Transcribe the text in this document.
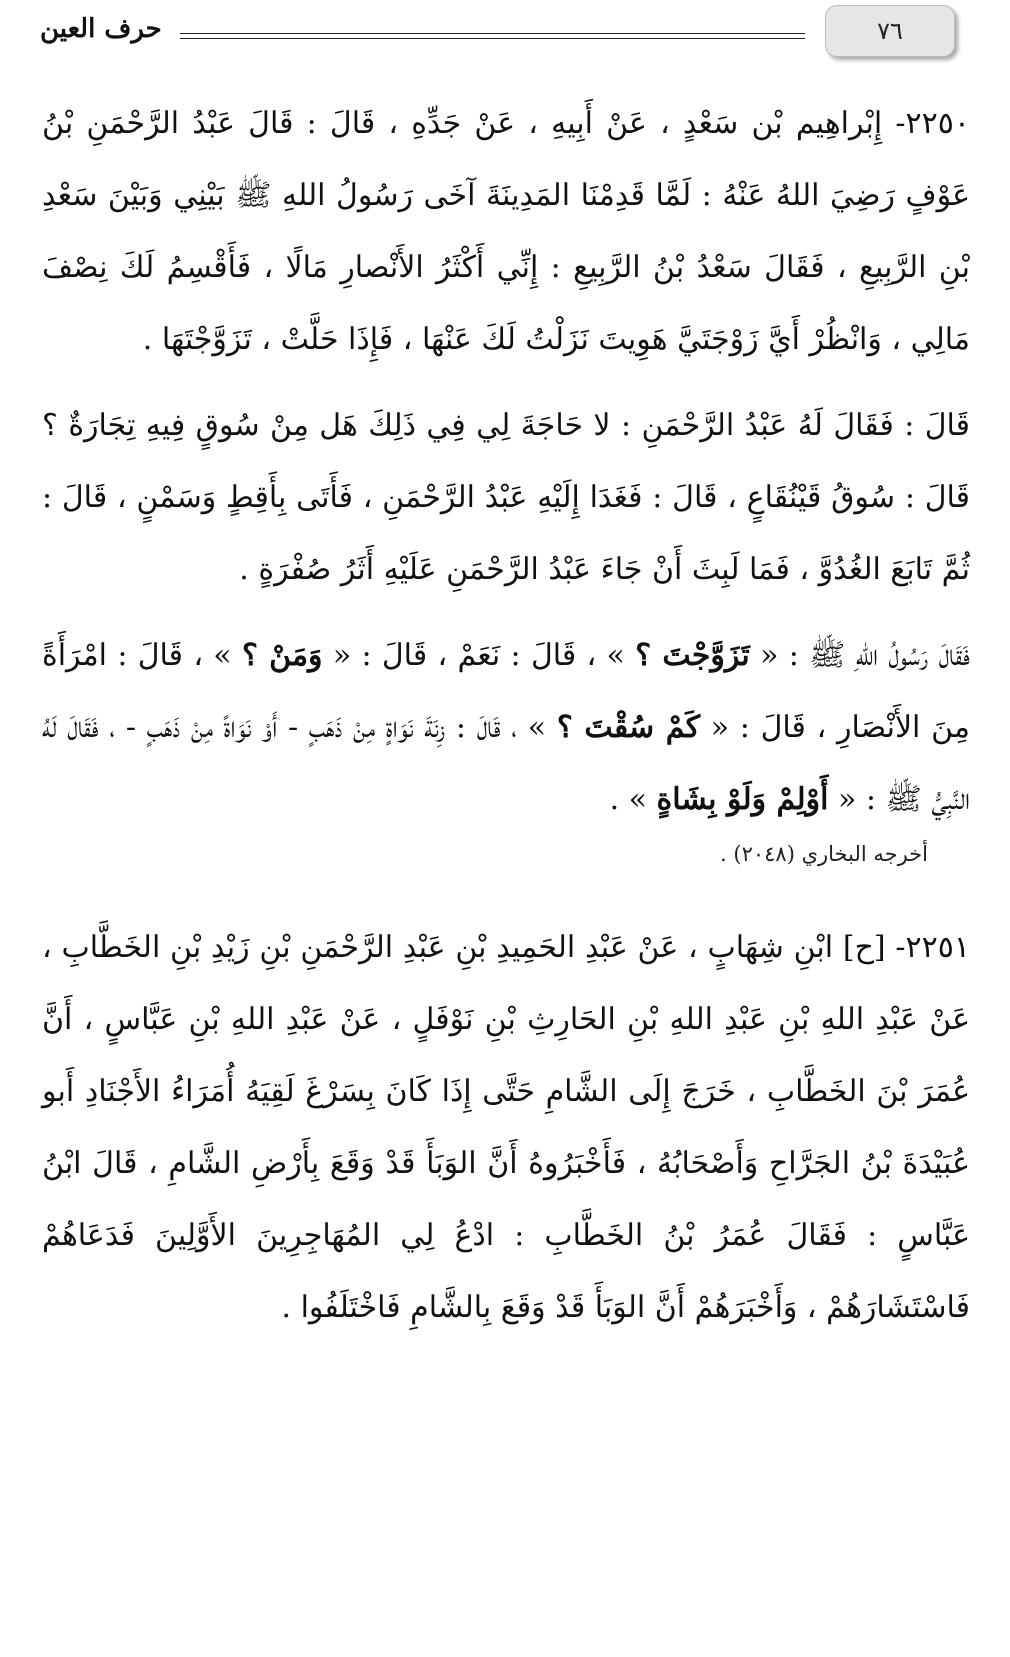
٧٦
حرف العين

٢٢٥٠- إِبْراهِيم بْن سَعْدٍ ، عَنْ أَبِيهِ ، عَنْ جَدِّهِ ، قَالَ : قَالَ عَبْدُ الرَّحْمَنِ بْنُ عَوْفٍ رَضِيَ اللهُ عَنْهُ : لَمَّا قَدِمْنَا المَدِينَةَ آخَى رَسُولُ اللهِ ﷺ بَيْنِي وَبَيْنَ سَعْدِ بْنِ الرَّبِيعِ ، فَقَالَ سَعْدُ بْنُ الرَّبِيعِ : إِنِّي أَكْثَرُ الأَنْصارِ مَالًا ، فَأَقْسِمُ لَكَ نِصْفَ مَالِي ، وَانْظُرْ أَيَّ زَوْجَتَيَّ هَوِيتَ نَزَلْتُ لَكَ عَنْهَا ، فَإِذَا حَلَّتْ ، تَزَوَّجْتَهَا .

قَالَ : فَقَالَ لَهُ عَبْدُ الرَّحْمَنِ : لا حَاجَةَ لِي فِي ذَلِكَ هَل مِنْ سُوقٍ فِيهِ تِجَارَةٌ ؟ قَالَ : سُوقُ قَيْنُقَاعٍ ، قَالَ : فَغَدَا إِلَيْهِ عَبْدُ الرَّحْمَنِ ، فَأَتَى بِأَقِطٍ وَسَمْنٍ ، قَالَ : ثُمَّ تَابَعَ الغُدُوَّ ، فَمَا لَبِثَ أَنْ جَاءَ عَبْدُ الرَّحْمَنِ عَلَيْهِ أَثَرُ صُفْرَةٍ .

فَقَالَ رَسُولُ اللهِ ﷺ : « تَزَوَّجْتَ ؟ » ، قَالَ : نَعَمْ ، قَالَ : « وَمَنْ ؟ » ، قَالَ : امْرَأَةً مِنَ الأَنْصَارِ ، قَالَ : « كَمْ سُقْتَ ؟ » ، قَالَ : زِنَةَ نَوَاةٍ مِنْ ذَهَبٍ - أَوْ نَوَاةً مِنْ ذَهَبٍ - ، فَقَالَ لَهُ النَّبِيُّ ﷺ : « أَوْلِمْ وَلَوْ بِشَاةٍ » .

أخرجه البخاري (٢٠٤٨) .

٢٢٥١- [ح] ابْنِ شِهَابٍ ، عَنْ عَبْدِ الحَمِيدِ بْنِ عَبْدِ الرَّحْمَنِ بْنِ زَيْدِ بْنِ الخَطَّابِ ، عَنْ عَبْدِ اللهِ بْنِ عَبْدِ اللهِ بْنِ الحَارِثِ بْنِ نَوْفَلٍ ، عَنْ عَبْدِ اللهِ بْنِ عَبَّاسٍ ، أَنَّ عُمَرَ بْنَ الخَطَّابِ ، خَرَجَ إِلَى الشَّامِ حَتَّى إِذَا كَانَ بِسَرْغَ لَقِيَهُ أُمَرَاءُ الأَجْنَادِ أَبو عُبَيْدَةَ بْنُ الجَرَّاحِ وَأَصْحَابُهُ ، فَأَخْبَرُوهُ أَنَّ الوَبَأَ قَدْ وَقَعَ بِأَرْضِ الشَّامِ ، قَالَ ابْنُ عَبَّاسٍ : فَقَالَ عُمَرُ بْنُ الخَطَّابِ : ادْعُ لِي المُهَاجِرِينَ الأَوَّلِينَ فَدَعَاهُمْ فَاسْتَشَارَهُمْ ، وَأَخْبَرَهُمْ أَنَّ الوَبَأَ قَدْ وَقَعَ بِالشَّامِ فَاخْتَلَفُوا .
